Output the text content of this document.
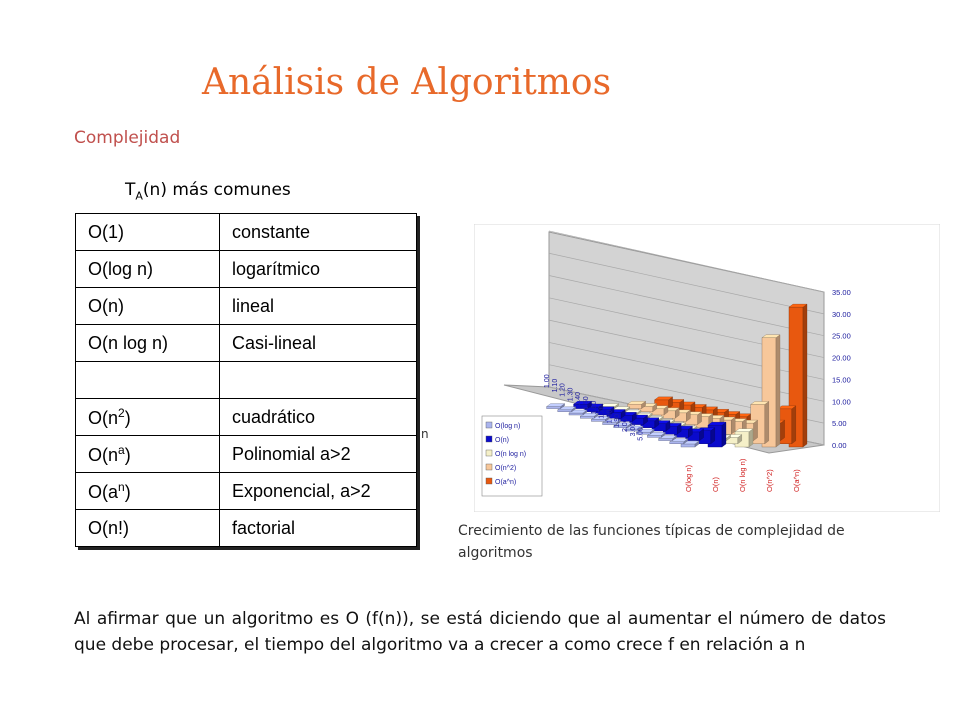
Análisis de Algoritmos
Complejidad
$T_A(n)$ más comunes
O(1)	constante
O(log n)	logarítmico
O(n)	lineal
O(n log n)	Casi-lineal

$O(n^2)$	cuadrático
$O(n^a)$	Polinomial a>2
$O(a^n)$	Exponencial, a>2
O(n!)	factorial
n
0.00
5.00
10.00
15.00
20.00
25.00
30.00
35.00
1.00 1.10 1.20 1.30 1.40 1.50 1.60 1.70 1.80 1.90 2.00 3.00 5.00
O(log n) O(n) O(n log n) O(n^2) O(a^n)
O(log n)
O(n)
O(n log n)
O(n^2)
O(a^n)
Crecimiento de las funciones típicas de complejidad de algoritmos
Al afirmar que un algoritmo es O (f(n)), se está diciendo que al aumentar el número de datos que debe procesar, el tiempo del algoritmo va a crecer a como crece f en relación a n
